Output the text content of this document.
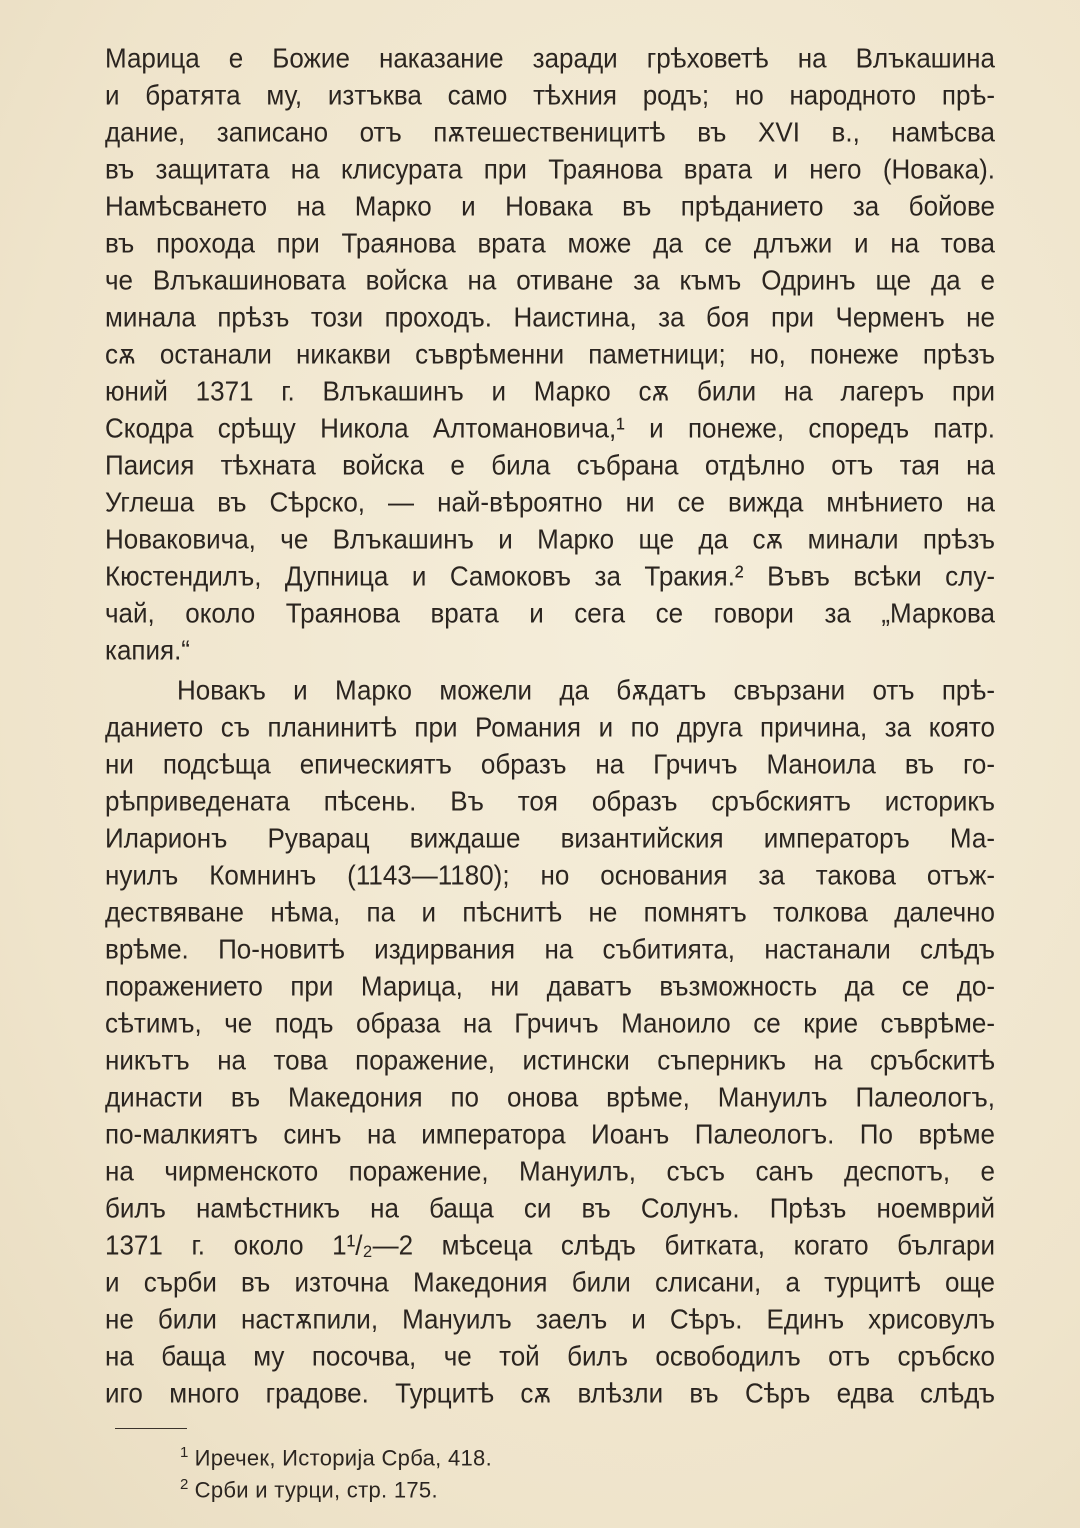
Марица е Божие наказание заради грѣховетѣ на Влъкашина
и братята му, изтъква само тѣхния родъ; но народното прѣ-
дание, записано отъ пѫтешественицитѣ въ XVI в., намѣсва
въ защитата на клисурата при Траянова врата и него (Новака).
Намѣсването на Марко и Новака въ прѣданието за бойове
въ прохода при Траянова врата може да се длъжи и на това
че Влъкашиновата войска на отиване за къмъ Одринъ ще да е
минала прѣзъ този проходъ. Наистина, за боя при Черменъ не
сѫ останали никакви съврѣменни паметници; но, понеже прѣзъ
юний 1371 г. Влъкашинъ и Марко сѫ били на лагеръ при
Скодра срѣщу Никола Алтомановича,¹ и понеже, споредъ патр.
Паисия тѣхната войска е била събрана отдѣлно отъ тая на
Углеша въ Сѣрско, — най-вѣроятно ни се вижда мнѣнието на
Новаковича, че Влъкашинъ и Марко ще да сѫ минали прѣзъ
Кюстендилъ, Дупница и Самоковъ за Тракия.² Въвъ всѣки слу-
чай, около Траянова врата и сега се говори за „Маркова
капия.“
Новакъ и Марко можели да бѫдатъ свързани отъ прѣ-
данието съ планинитѣ при Романия и по друга причина, за която
ни подсѣща епическиятъ образъ на Грчичъ Маноила въ го-
рѣприведената пѣсень. Въ тоя образъ сръбскиятъ историкъ
Иларионъ Руварац виждаше византийския императоръ Ма-
нуилъ Комнинъ (1143—1180); но основания за такова отъж-
дествяване нѣма, па и пѣснитѣ не помнятъ толкова далечно
врѣме. По-новитѣ издирвания на събитията, настанали слѣдъ
поражението при Марица, ни даватъ възможность да се до-
сѣтимъ, че подъ образа на Грчичъ Маноило се крие съврѣме-
никътъ на това поражение, истински съперникъ на сръбскитѣ
династи въ Македония по онова врѣме, Мануилъ Палеологъ,
по-малкиятъ синъ на императора Иоанъ Палеологъ. По врѣме
на чирменското поражение, Мануилъ, съсъ санъ деспотъ, е
билъ намѣстникъ на баща си въ Солунъ. Прѣзъ ноемврий
1371 г. около 1¹/₂—2 мѣсеца слѣдъ битката, когато българи
и сърби въ източна Македония били слисани, а турцитѣ още
не били настѫпили, Мануилъ заелъ и Сѣръ. Единъ хрисовулъ
на баща му посочва, че той билъ освободилъ отъ сръбско
иго много градове. Турцитѣ сѫ влѣзли въ Сѣръ едва слѣдъ
$^1$ Иречек, Историја Срба, 418.
$^2$ Срби и турци, стр. 175.
